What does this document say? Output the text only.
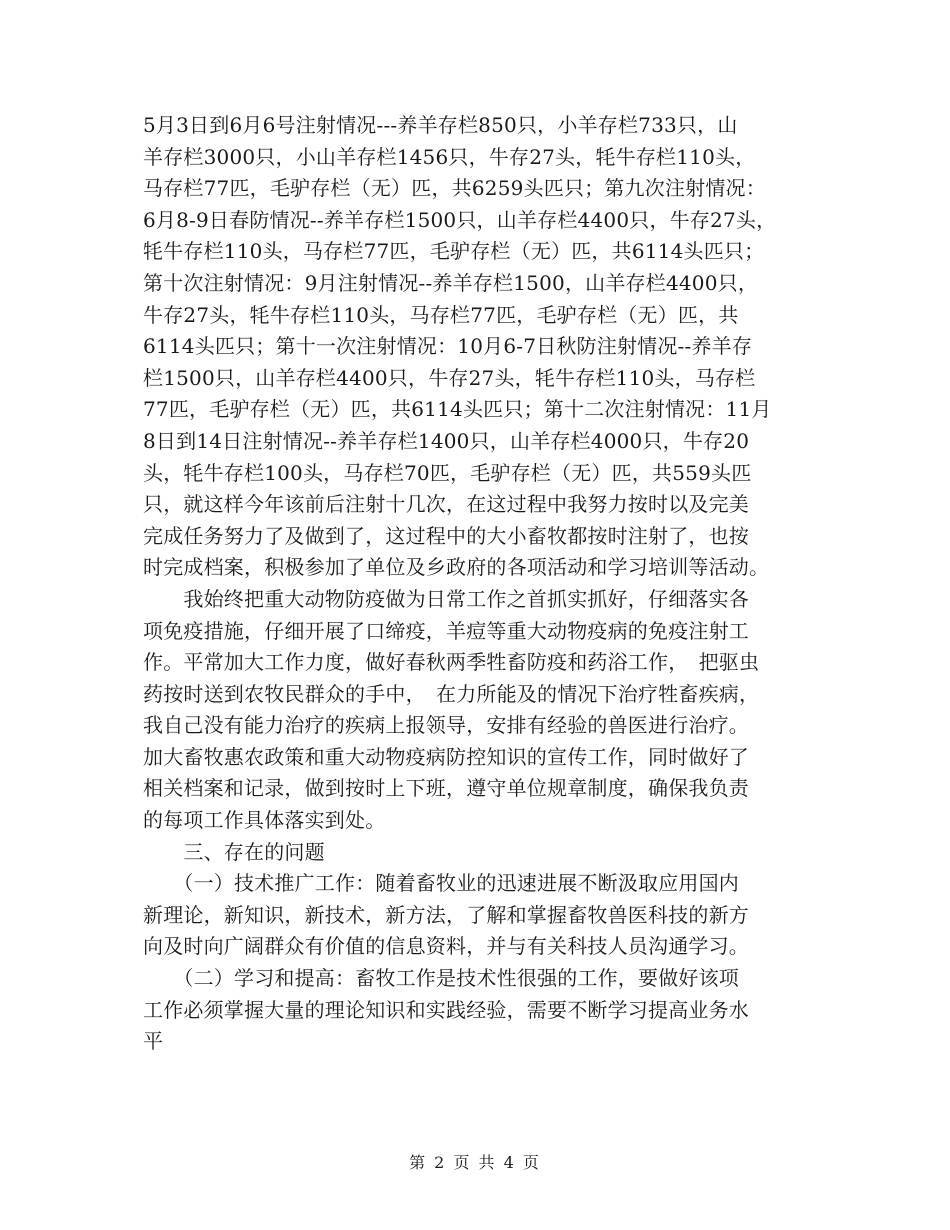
5月3日到6月6号注射情况---养羊存栏850只，小羊存栏733只，山
羊存栏3000只，小山羊存栏1456只，牛存27头，牦牛存栏110头，
马存栏77匹，毛驴存栏（无）匹，共6259头匹只；第九次注射情况：
6月8-9日春防情况--养羊存栏1500只，山羊存栏4400只，牛存27头，
牦牛存栏110头，马存栏77匹，毛驴存栏（无）匹，共6114头匹只；
第十次注射情况：9月注射情况--养羊存栏1500，山羊存栏4400只，
牛存27头，牦牛存栏110头，马存栏77匹，毛驴存栏（无）匹，共
6114头匹只；第十一次注射情况：10月6-7日秋防注射情况--养羊存
栏1500只，山羊存栏4400只，牛存27头，牦牛存栏110头，马存栏
77匹，毛驴存栏（无）匹，共6114头匹只；第十二次注射情况：11月
8日到14日注射情况--养羊存栏1400只，山羊存栏4000只，牛存20
头，牦牛存栏100头，马存栏70匹，毛驴存栏（无）匹，共559头匹
只，就这样今年该前后注射十几次，在这过程中我努力按时以及完美
完成任务努力了及做到了，这过程中的大小畜牧都按时注射了，也按
时完成档案，积极参加了单位及乡政府的各项活动和学习培训等活动。
　　我始终把重大动物防疫做为日常工作之首抓实抓好，仔细落实各
项免疫措施，仔细开展了口缔疫，羊痘等重大动物疫病的免疫注射工
作。平常加大工作力度，做好春秋两季牲畜防疫和药浴工作，　把驱虫
药按时送到农牧民群众的手中，　在力所能及的情况下治疗牲畜疾病，
我自己没有能力治疗的疾病上报领导，安排有经验的兽医进行治疗。
加大畜牧惠农政策和重大动物疫病防控知识的宣传工作，同时做好了
相关档案和记录，做到按时上下班，遵守单位规章制度，确保我负责
的每项工作具体落实到处。
　　三、存在的问题
　　（一）技术推广工作：随着畜牧业的迅速进展不断汲取应用国内
新理论，新知识，新技术，新方法，了解和掌握畜牧兽医科技的新方
向及时向广阔群众有价值的信息资料，并与有关科技人员沟通学习。
　　（二）学习和提高：畜牧工作是技术性很强的工作，要做好该项
工作必须掌握大量的理论知识和实践经验，需要不断学习提高业务水
平
第 2 页 共 4 页
